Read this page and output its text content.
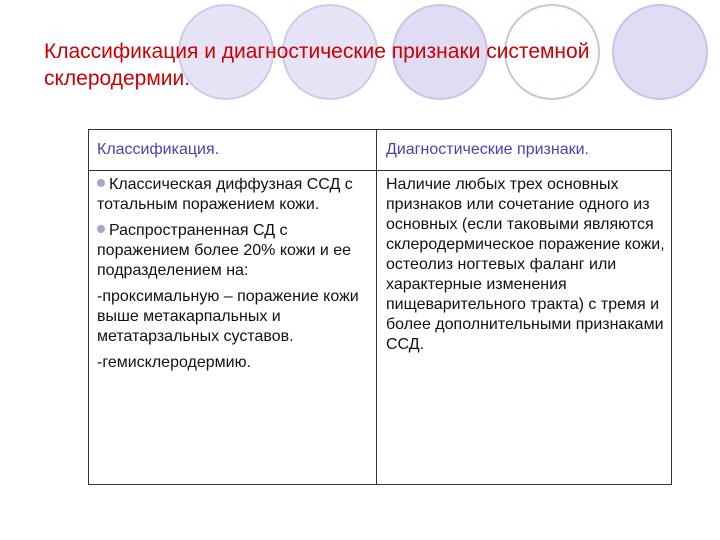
Классификация и диагностические признаки системной склеродермии.
Классификация.	Диагностические признаки.

Классическая диффузная ССД с тотальным поражением кожи.

Распространенная СД с поражением более 20% кожи и ее подразделением на:

-проксимальную – поражение кожи выше метакарпальных и метатарзальных суставов.

-гемисклеродермию.

Наличие любых трех основных признаков или сочетание одного из основных (если таковыми являются склеродермическое поражение кожи, остеолиз ногтевых фаланг или характерные изменения пищеварительного тракта) с тремя и более дополнительными признаками ССД.
